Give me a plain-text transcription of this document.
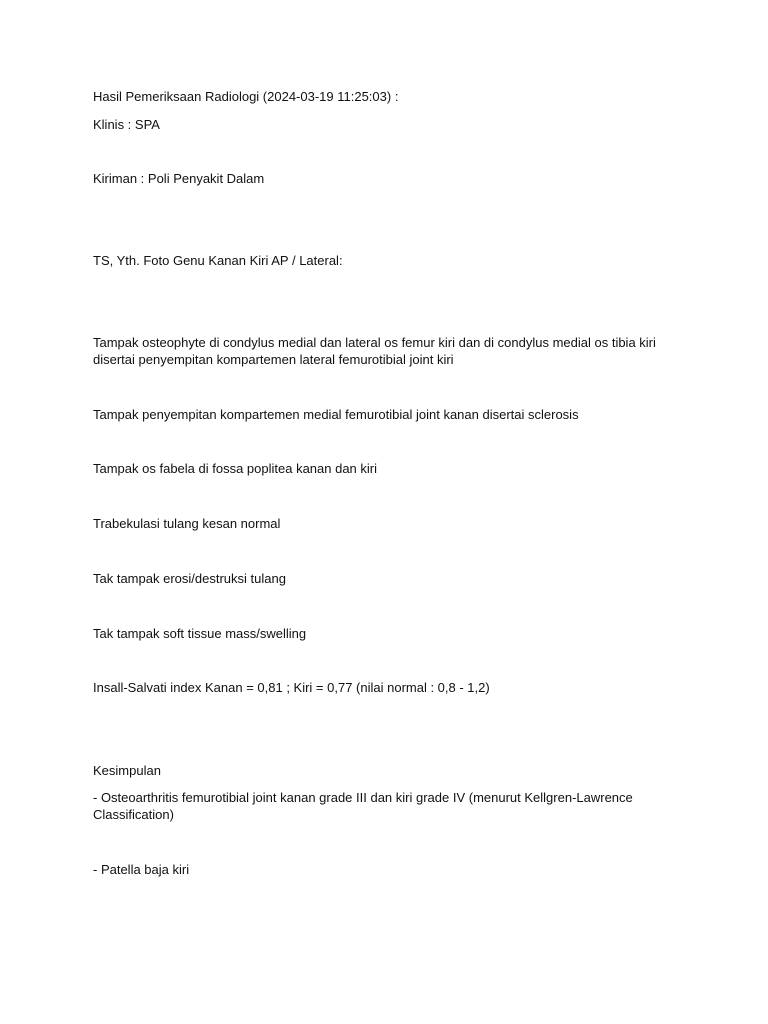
Hasil Pemeriksaan Radiologi (2024-03-19 11:25:03) :
Klinis : SPA
Kiriman : Poli Penyakit Dalam
TS, Yth. Foto Genu Kanan Kiri AP / Lateral:
Tampak osteophyte di condylus medial dan lateral os femur kiri dan di condylus medial os tibia kiri disertai penyempitan kompartemen lateral femurotibial joint kiri
Tampak penyempitan kompartemen medial femurotibial joint kanan disertai sclerosis
Tampak os fabela di fossa poplitea kanan dan kiri
Trabekulasi tulang kesan normal
Tak tampak erosi/destruksi tulang
Tak tampak soft tissue mass/swelling
Insall-Salvati index Kanan = 0,81 ; Kiri = 0,77 (nilai normal : 0,8 - 1,2)
Kesimpulan
- Osteoarthritis femurotibial joint kanan grade III dan kiri grade IV (menurut Kellgren-Lawrence Classification)
- Patella baja kiri
